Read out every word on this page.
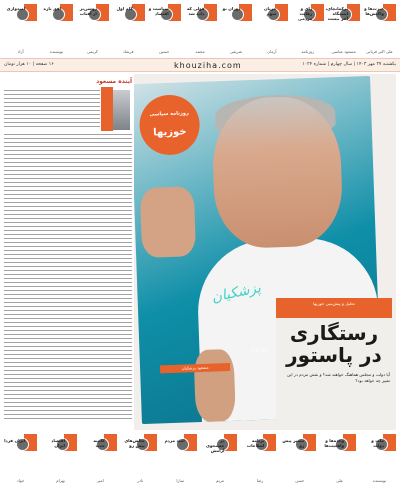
عبرت‌ها و واکنش‌ها
علی اکبر قربانی
ترکمانچای، ایستگاه آخر نیست
مسعود عباسی
رای و رقابت مردمی
روزنامه
جریان سوم
آرمان
دوران نو
شریفی
قولی که داده شد
محمد
سیاست و اقتصاد
حسین
گام اول
فرشاد
روشن‌تر از آفتاب
کریمی
افق تازه
نویسنده
امیدواری
آزاد
یکشنبه ۲۷ مهر ۱۴۰۳ | سال چهارم | شماره ۱۰۲۴
khouziha.com
۱۶ صفحه | ۱۰ هزار تومان
آینده مسعود
روزنامه سیاسی
خوزیها
پزشکیان
برای ایران
مسعود پزشکیان
تحلیل و پیش‌بینی خوزیها
رستگاری در پاستور
آیا دولت و مجلس هماهنگ خواهند شد؟ و نقش مردم در این تغییر چه خواهد بود؟
ملت و دولت
نویسنده
وعده‌ها و واقعیت‌ها
علی
مسیر پیش رو
حسن
برنامه اصلاحات
رضا
در جستجوی آرامش
مریم
امید مردم
سارا
چالش‌های پیش رو
نادر
کابینه جدید
امیر
اقتصاد ایران
بهرام
ایران فردا
جواد
